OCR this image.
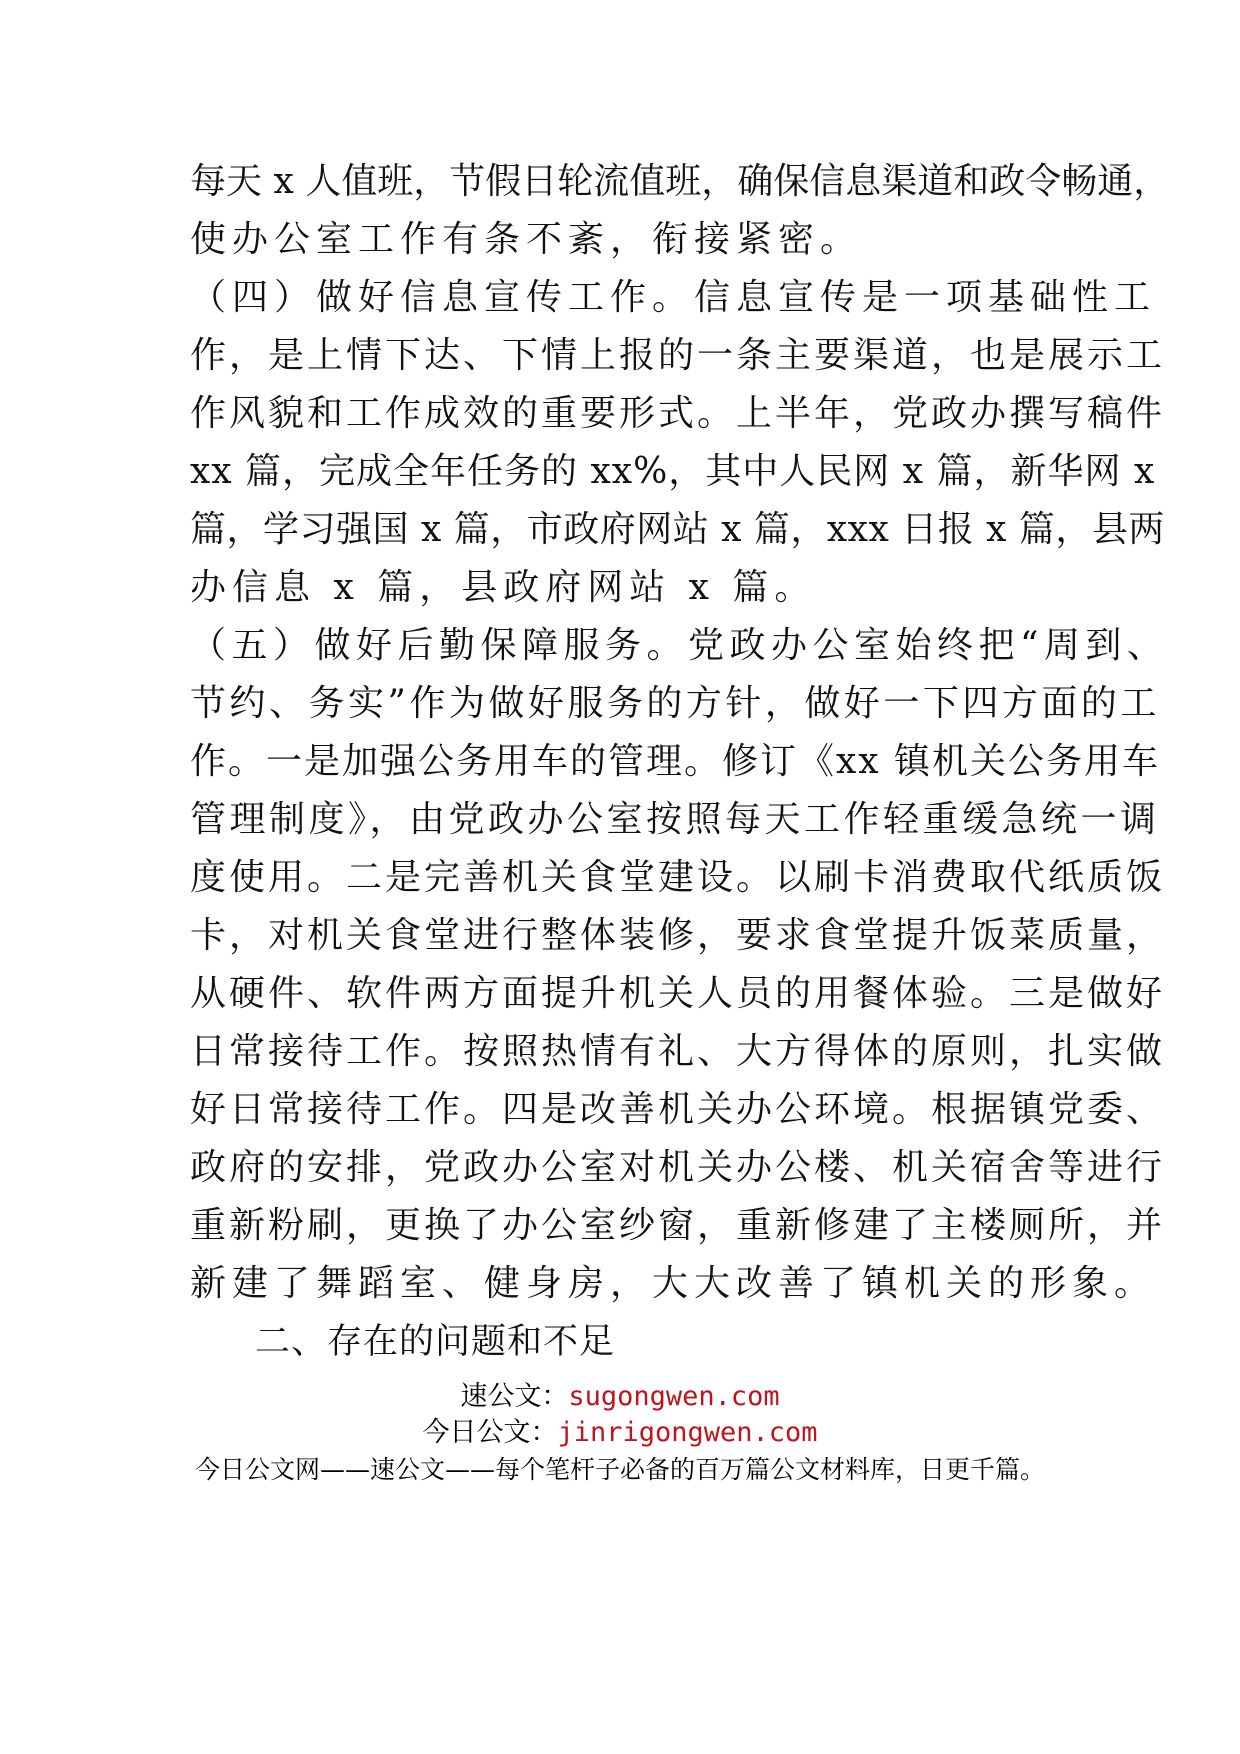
每天 x 人值班，节假日轮流值班，确保信息渠道和政令畅通，
使办公室工作有条不紊，衔接紧密。
（四）做好信息宣传工作。信息宣传是一项基础性工
作，是上情下达、下情上报的一条主要渠道，也是展示工
作风貌和工作成效的重要形式。上半年，党政办撰写稿件
xx 篇，完成全年任务的 xx%，其中人民网 x 篇，新华网 x
篇，学习强国 x 篇，市政府网站 x 篇，xxx 日报 x 篇，县两
办信息 x 篇，县政府网站 x 篇。
（五）做好后勤保障服务。党政办公室始终把“周到、
节约、务实”作为做好服务的方针，做好一下四方面的工
作。一是加强公务用车的管理。修订《xx 镇机关公务用车
管理制度》，由党政办公室按照每天工作轻重缓急统一调
度使用。二是完善机关食堂建设。以刷卡消费取代纸质饭
卡，对机关食堂进行整体装修，要求食堂提升饭菜质量，
从硬件、软件两方面提升机关人员的用餐体验。三是做好
日常接待工作。按照热情有礼、大方得体的原则，扎实做
好日常接待工作。四是改善机关办公环境。根据镇党委、
政府的安排，党政办公室对机关办公楼、机关宿舍等进行
重新粉刷，更换了办公室纱窗，重新修建了主楼厕所，并
新建了舞蹈室、健身房，大大改善了镇机关的形象。
二、存在的问题和不足
速公文：sugongwen.com
今日公文：jinrigongwen.com
今日公文网——速公文——每个笔杆子必备的百万篇公文材料库，日更千篇。
